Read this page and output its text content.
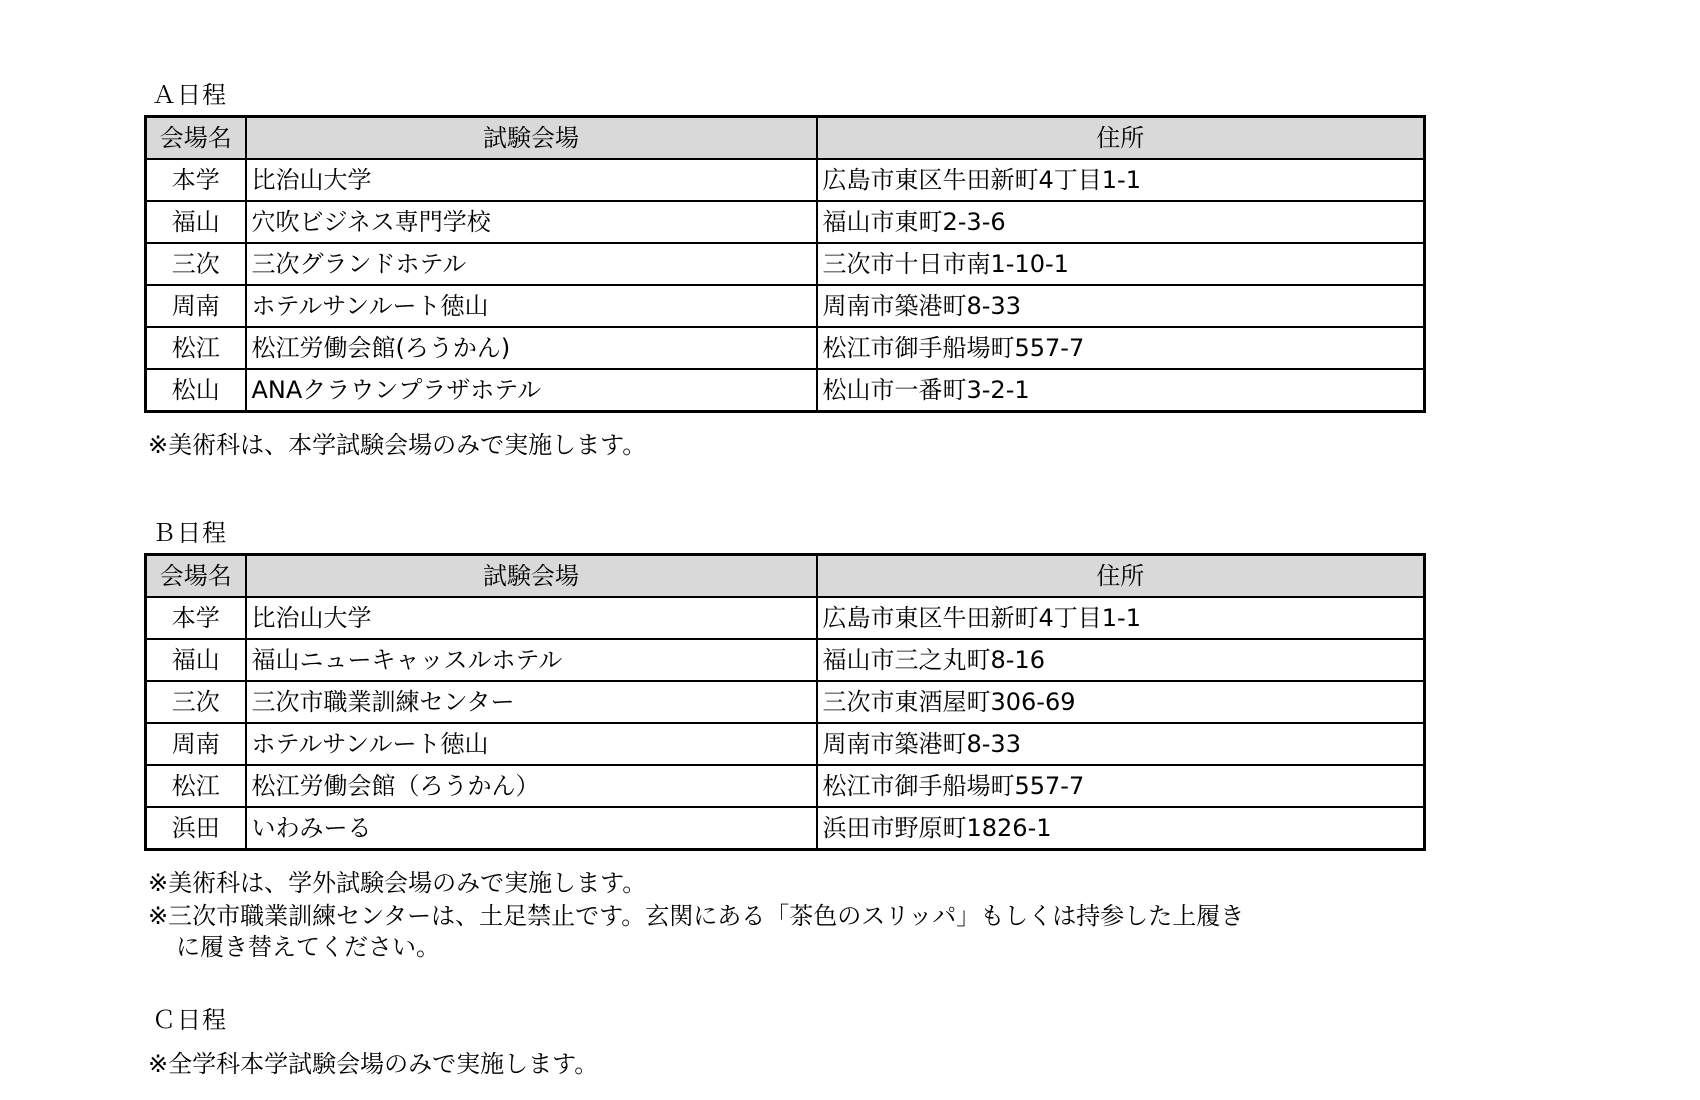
Ａ日程
会場名	試験会場	住所
本学	比治山大学	広島市東区牛田新町4丁目1-1
福山	穴吹ビジネス専門学校	福山市東町2-3-6
三次	三次グランドホテル	三次市十日市南1-10-1
周南	ホテルサンルート徳山	周南市築港町8-33
松江	松江労働会館(ろうかん)	松江市御手船場町557-7
松山	ANAクラウンプラザホテル	松山市一番町3-2-1
※美術科は、本学試験会場のみで実施します。
Ｂ日程
会場名	試験会場	住所
本学	比治山大学	広島市東区牛田新町4丁目1-1
福山	福山ニューキャッスルホテル	福山市三之丸町8-16
三次	三次市職業訓練センター	三次市東酒屋町306-69
周南	ホテルサンルート徳山	周南市築港町8-33
松江	松江労働会館（ろうかん）	松江市御手船場町557-7
浜田	いわみーる	浜田市野原町1826-1
※美術科は、学外試験会場のみで実施します。
※三次市職業訓練センターは、土足禁止です。玄関にある「茶色のスリッパ」もしくは持参した上履き
に履き替えてください。
Ｃ日程
※全学科本学試験会場のみで実施します。
